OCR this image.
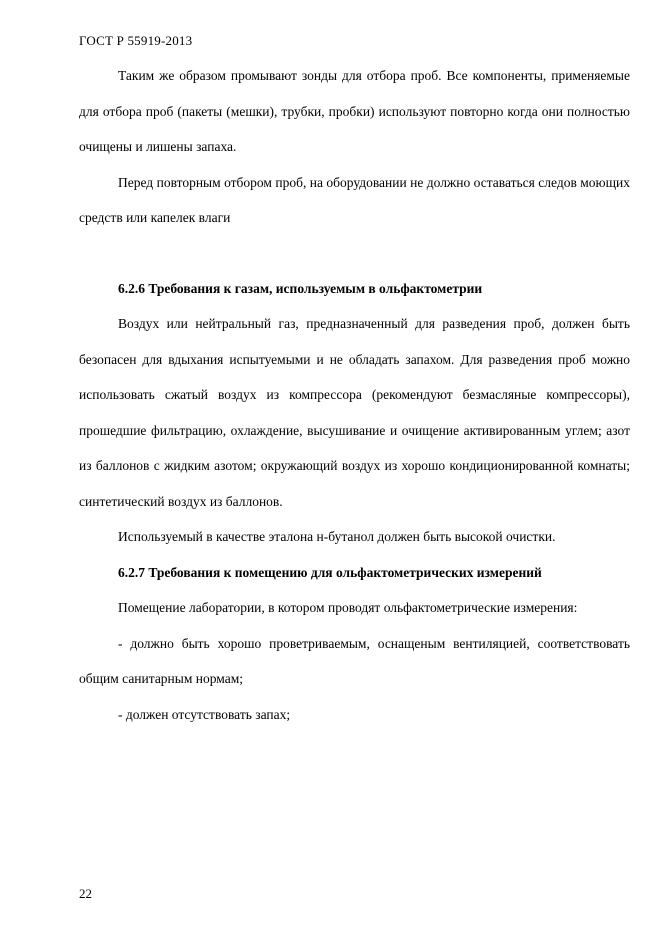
ГОСТ Р 55919-2013

Таким же образом промывают зонды для отбора проб. Все компоненты, применяемые для отбора проб (пакеты (мешки), трубки, пробки) используют повторно когда они полностью очищены и лишены запаха.

Перед повторным отбором проб, на оборудовании не должно оставаться следов моющих средств или капелек влаги

6.2.6 Требования к газам, используемым в ольфактометрии

Воздух или нейтральный газ, предназначенный для разведения проб, должен быть безопасен для вдыхания испытуемыми и не обладать запахом. Для разведения проб можно использовать сжатый воздух из компрессора (рекомендуют безмасляные компрессоры), прошедшие фильтрацию, охлаждение, высушивание и очищение активированным углем; азот из баллонов с жидким азотом; окружающий воздух из хорошо кондиционированной комнаты; синтетический воздух из баллонов.

Используемый в качестве эталона н-бутанол должен быть высокой очистки.

6.2.7 Требования к помещению для ольфактометрических измерений

Помещение лаборатории, в котором проводят ольфактометрические измерения:

- должно быть хорошо проветриваемым, оснащеным вентиляцией, соответствовать общим санитарным нормам;

- должен отсутствовать запах;

22
